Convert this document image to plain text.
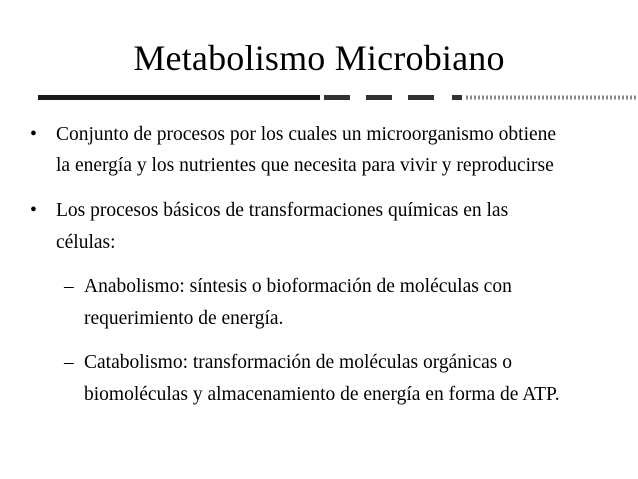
Metabolismo Microbiano
• Conjunto de procesos por los cuales un microorganismo obtiene
la energía y los nutrientes que necesita para vivir y reproducirse
• Los procesos básicos de transformaciones químicas en las
células:
– Anabolismo: síntesis o bioformación de moléculas con
requerimiento de energía.
– Catabolismo: transformación de moléculas orgánicas o
biomoléculas y almacenamiento de energía en forma de ATP.
